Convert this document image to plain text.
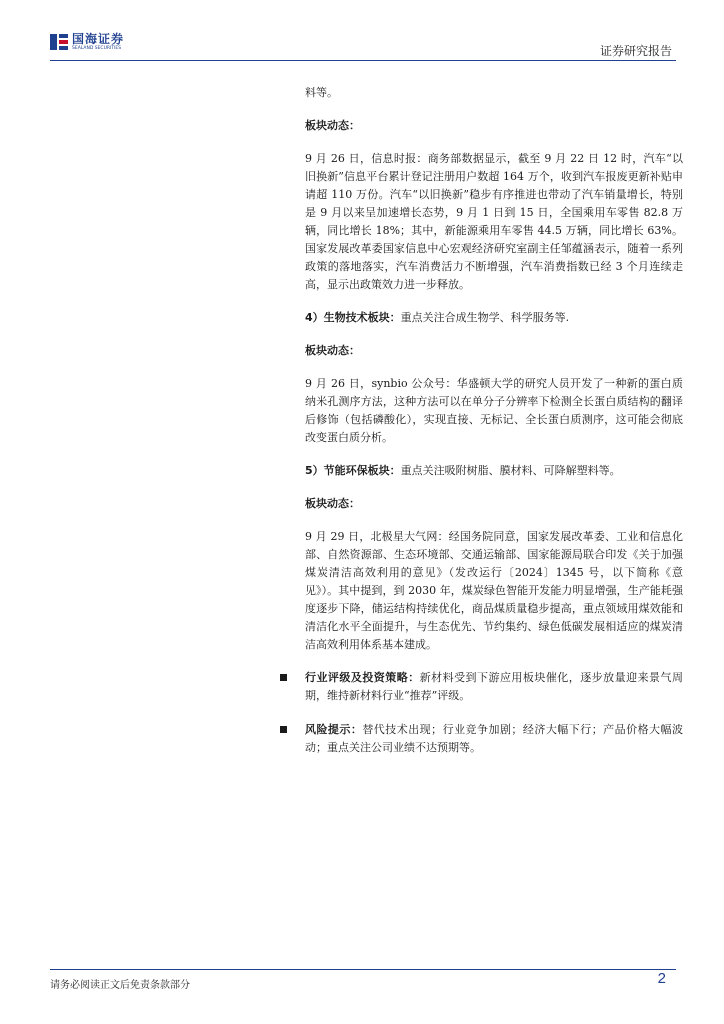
国海证券
SEALAND SECURITIES	证券研究报告

料等。

板块动态：

9 月 26 日，信息时报：商务部数据显示，截至 9 月 22 日 12 时，汽车“以旧换新”信息平台累计登记注册用户数超 164 万个，收到汽车报废更新补贴申请超 110 万份。汽车“以旧换新”稳步有序推进也带动了汽车销量增长，特别是 9 月以来呈加速增长态势，9 月 1 日到 15 日，全国乘用车零售 82.8 万辆，同比增长 18%；其中，新能源乘用车零售 44.5 万辆，同比增长 63%。国家发展改革委国家信息中心宏观经济研究室副主任邹蕴涵表示，随着一系列政策的落地落实，汽车消费活力不断增强，汽车消费指数已经 3 个月连续走高，显示出政策效力进一步释放。

4）生物技术板块：重点关注合成生物学、科学服务等.

板块动态：

9 月 26 日，synbio 公众号：华盛顿大学的研究人员开发了一种新的蛋白质纳米孔测序方法，这种方法可以在单分子分辨率下检测全长蛋白质结构的翻译后修饰（包括磷酸化），实现直接、无标记、全长蛋白质测序，这可能会彻底改变蛋白质分析。

5）节能环保板块：重点关注吸附树脂、膜材料、可降解塑料等。

板块动态：

9 月 29 日，北极星大气网：经国务院同意，国家发展改革委、工业和信息化部、自然资源部、生态环境部、交通运输部、国家能源局联合印发《关于加强煤炭清洁高效利用的意见》（发改运行〔2024〕1345 号，以下简称《意见》）。其中提到，到 2030 年，煤炭绿色智能开发能力明显增强，生产能耗强度逐步下降，储运结构持续优化，商品煤质量稳步提高，重点领域用煤效能和清洁化水平全面提升，与生态优先、节约集约、绿色低碳发展相适应的煤炭清洁高效利用体系基本建成。

行业评级及投资策略：新材料受到下游应用板块催化，逐步放量迎来景气周期，维持新材料行业“推荐”评级。
风险提示：替代技术出现；行业竞争加剧；经济大幅下行；产品价格大幅波动；重点关注公司业绩不达预期等。
请务必阅读正文后免责条款部分	2
